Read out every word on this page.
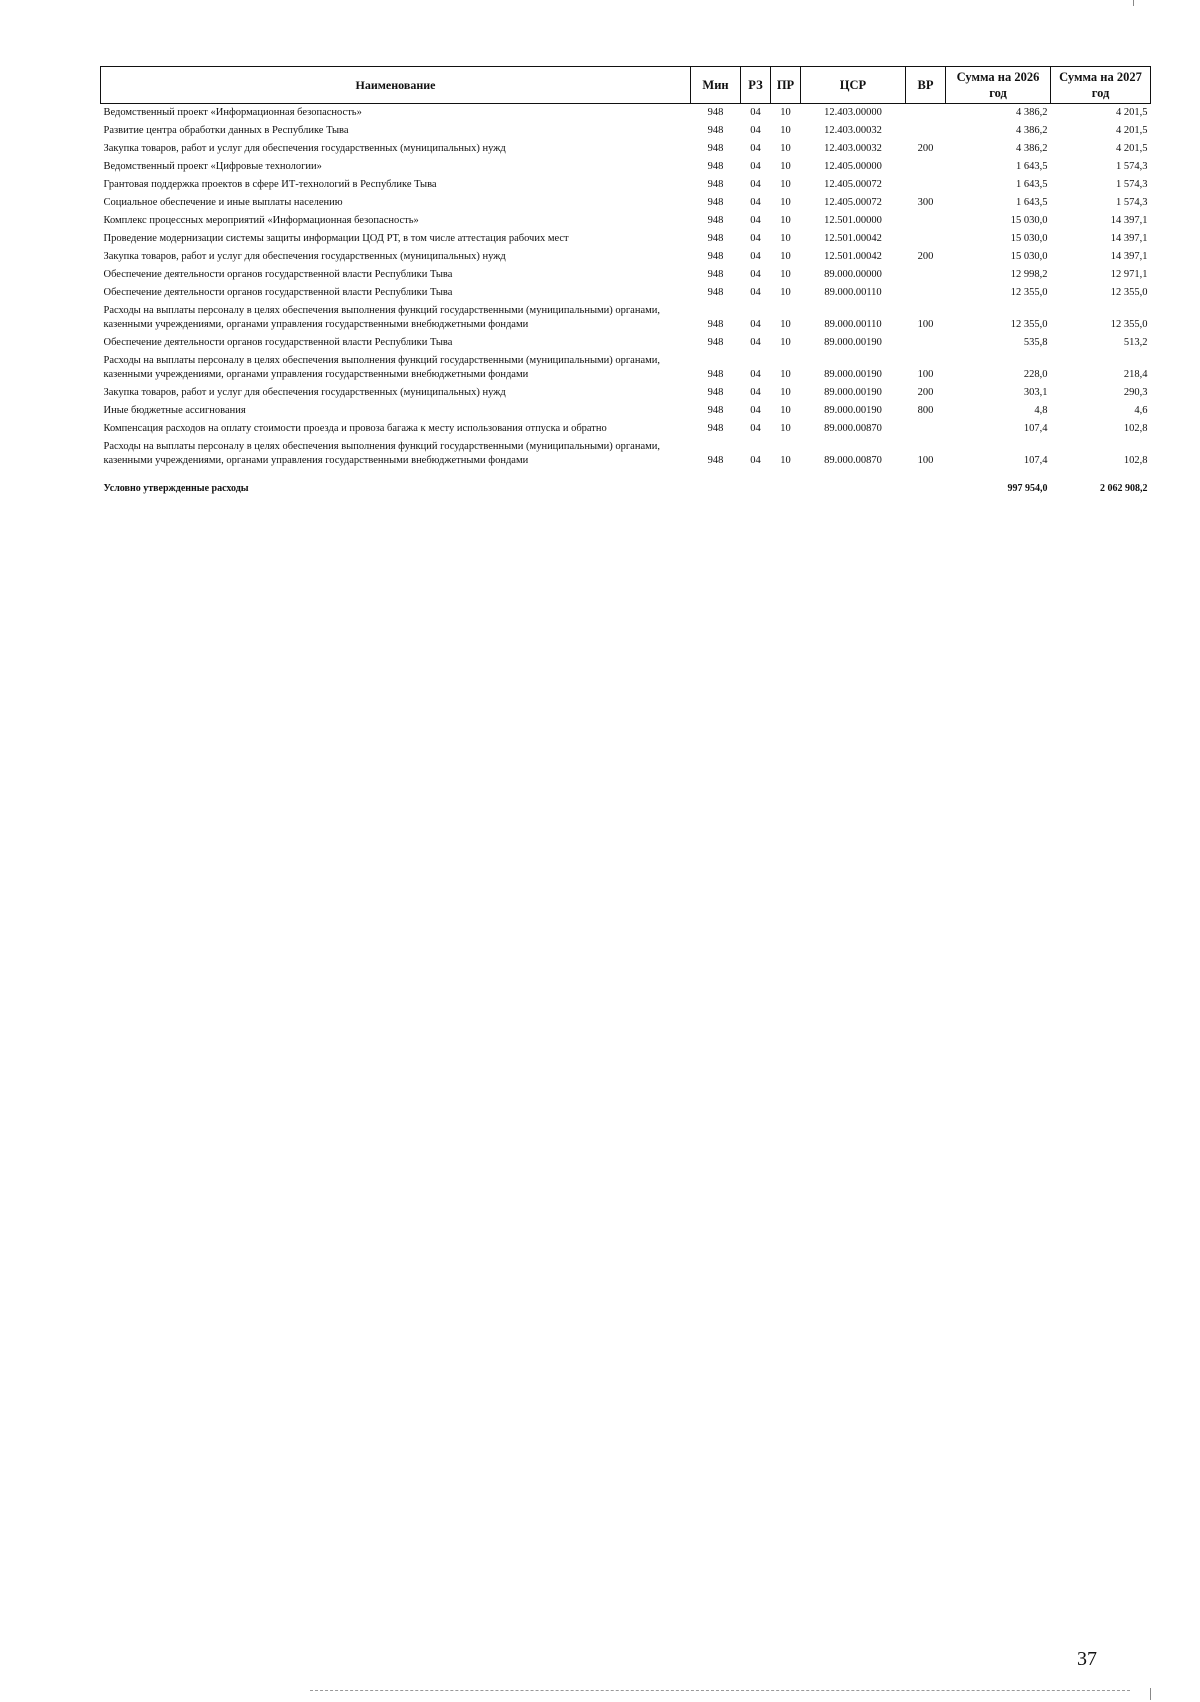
Наименование	Мин	РЗ	ПР	ЦСР	ВР	Сумма на 2026 год	Сумма на 2027 год
Ведомственный проект «Информационная безопасность»	948	04	10	12.403.00000		4 386,2	4 201,5
Развитие центра обработки данных в Республике Тыва	948	04	10	12.403.00032		4 386,2	4 201,5
Закупка товаров, работ и услуг для обеспечения государственных (муниципальных) нужд	948	04	10	12.403.00032	200	4 386,2	4 201,5
Ведомственный проект «Цифровые технологии»	948	04	10	12.405.00000		1 643,5	1 574,3
Грантовая поддержка проектов в сфере ИТ-технологий в Республике Тыва	948	04	10	12.405.00072		1 643,5	1 574,3
Социальное обеспечение и иные выплаты населению	948	04	10	12.405.00072	300	1 643,5	1 574,3
Комплекс процессных мероприятий «Информационная безопасность»	948	04	10	12.501.00000		15 030,0	14 397,1
Проведение модернизации системы защиты информации ЦОД РТ, в том числе аттестация рабочих мест	948	04	10	12.501.00042		15 030,0	14 397,1
Закупка товаров, работ и услуг для обеспечения государственных (муниципальных) нужд	948	04	10	12.501.00042	200	15 030,0	14 397,1
Обеспечение деятельности органов государственной власти Республики Тыва	948	04	10	89.000.00000		12 998,2	12 971,1
Обеспечение деятельности органов государственной власти Республики Тыва	948	04	10	89.000.00110		12 355,0	12 355,0
Расходы на выплаты персоналу в целях обеспечения выполнения функций государственными (муниципальными) органами, казенными учреждениями, органами управления государственными внебюджетными фондами	948	04	10	89.000.00110	100	12 355,0	12 355,0
Обеспечение деятельности органов государственной власти Республики Тыва	948	04	10	89.000.00190		535,8	513,2
Расходы на выплаты персоналу в целях обеспечения выполнения функций государственными (муниципальными) органами, казенными учреждениями, органами управления государственными внебюджетными фондами	948	04	10	89.000.00190	100	228,0	218,4
Закупка товаров, работ и услуг для обеспечения государственных (муниципальных) нужд	948	04	10	89.000.00190	200	303,1	290,3
Иные бюджетные ассигнования	948	04	10	89.000.00190	800	4,8	4,6
Компенсация расходов на оплату стоимости проезда и провоза багажа к месту использования отпуска и обратно	948	04	10	89.000.00870		107,4	102,8
Расходы на выплаты персоналу в целях обеспечения выполнения функций государственными (муниципальными) органами, казенными учреждениями, органами управления государственными внебюджетными фондами	948	04	10	89.000.00870	100	107,4	102,8

Условно утвержденные расходы						997 954,0	2 062 908,2
37
